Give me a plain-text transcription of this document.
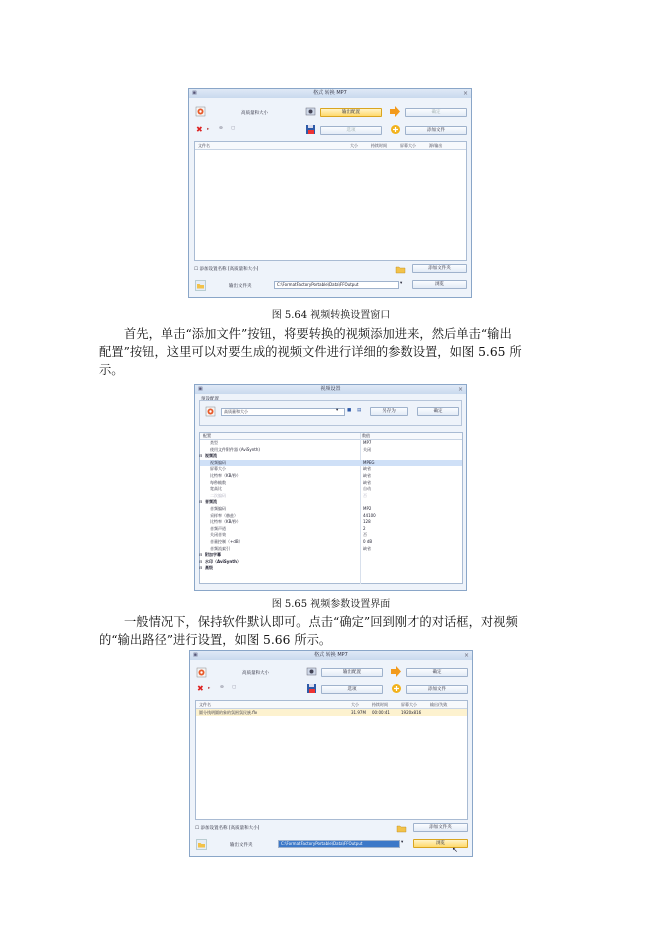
▣	格式 转换 MP7	×
高质量和大小	输出配置	确定
✖ ▸ ⊖ ▢	选项	添加文件
文件名	大小	持续时间	屏幕大小	源/输出
☐ 添加设置名称 [高质量和大小]	添加文件夹
输出文件夹	C:\FormatFactoryPortable\Data\FFOutput	▾	浏览
图 5.64 视频转换设置窗口
首先，单击“添加文件”按钮，将要转换的视频添加进来，然后单击“输出
配置”按钮，这里可以对要生成的视频文件进行详细的参数设置，如图 5.65 所
示。
▣	视频设置	×
预设配置
高质量和大小	▾ ■ ▤	另存为	确定
配置	数值
类型	MP7
使用文件附件器 (AviSynth)	关闭
⊟ 视频流
视频编码	MPEG
屏幕大小	缺省
比特率（KB/秒）	缺省
每秒帧数	缺省
宽高比	自动
二次编码	否
⊟ 音频流
音频编码	MP2
采样率（赫兹）	44100
比特率（KB/秒）	128
音频声道	2
关闭音效	否
音量控制（+dB）	0 dB
音频流索引	缺省
⊟ 附加字幕
⊟ 水印（AviSynth）
⊟ 高级
图 5.65 视频参数设置界面
一般情况下，保持软件默认即可。点击“确定”回到刚才的对话框，对视频
的“输出路径”进行设置，如图 5.66 所示。
▣	格式 转换 MP7	×
高质量和大小	输出配置	确定
✖ ▸ ⊖ ▢	选项	添加文件
文件名	大小	持续时间	屏幕大小	输出/失败
圆分钱明圆的象的氛围氛民族.flv	31.97M 00:00:41	1920x816
☐ 添加设置名称 [高质量和大小]	添加文件夹
输出文件夹	C:\FormatFactoryPortable\Data\FFOutput	▾	浏览
↖
